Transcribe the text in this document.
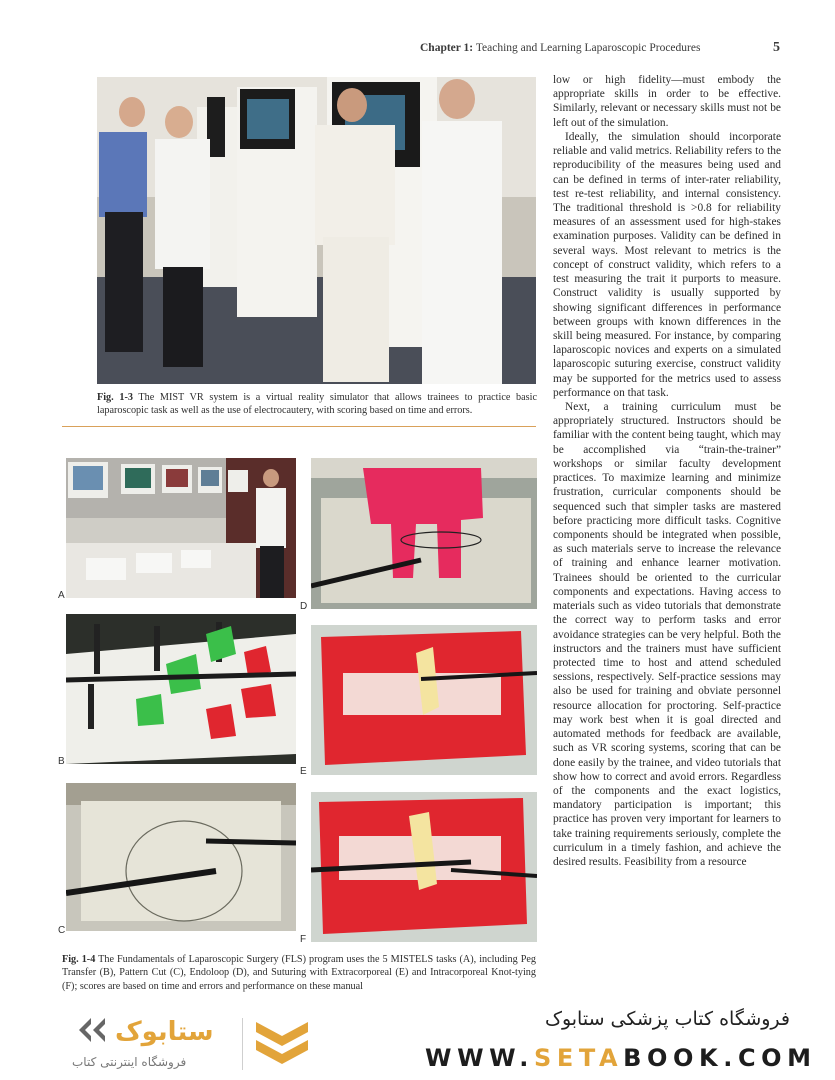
Chapter 1: Teaching and Learning Laparoscopic Procedures	5
Fig. 1-3 The MIST VR system is a virtual reality simulator that allows trainees to practice basic laparoscopic task as well as the use of electrocautery, with scoring based on time and errors.
A
B
C
D
E
F
Fig. 1-4 The Fundamentals of Laparoscopic Surgery (FLS) program uses the 5 MISTELS tasks (A), including Peg Transfer (B), Pattern Cut (C), Endoloop (D), and Suturing with Extracorporeal (E) and Intracorporeal Knot-tying (F); scores are based on time and errors and performance on these manual

low or high fidelity—must embody the appropriate skills in order to be effective. Similarly, relevant or necessary skills must not be left out of the simulation.

Ideally, the simulation should incorporate reliable and valid metrics. Reliability refers to the reproducibility of the measures being used and can be defined in terms of inter-rater reliability, test re-test reliability, and internal consistency. The traditional threshold is >0.8 for reliability measures of an assessment used for high-stakes examination purposes. Validity can be defined in several ways. Most relevant to metrics is the concept of construct validity, which refers to a test measuring the trait it purports to measure. Construct validity is usually supported by showing significant differences in performance between groups with known differences in the skill being measured. For instance, by comparing laparoscopic novices and experts on a simulated laparoscopic suturing exercise, construct validity may be supported for the metrics used to assess performance on that task.

Next, a training curriculum must be appropriately structured. Instructors should be familiar with the content being taught, which may be accomplished via “train-the-trainer” workshops or similar faculty development practices. To maximize learning and minimize frustration, curricular components should be sequenced such that simpler tasks are mastered before practicing more difficult tasks. Cognitive components should be integrated when possible, as such materials serve to increase the relevance of training and enhance learner motivation. Trainees should be oriented to the curricular components and expectations. Having access to materials such as video tutorials that demonstrate the correct way to perform tasks and error avoidance strategies can be very helpful. Both the instructors and the trainers must have sufficient protected time to host and attend scheduled sessions, respectively. Self-practice sessions may also be used for training and obviate personnel resource allocation for proctoring. Self-practice may work best when it is goal directed and automated methods for feedback are available, such as VR scoring systems, scoring that can be done easily by the trainee, and video tutorials that show how to correct and avoid errors. Regardless of the components and the exact logistics, mandatory participation is important; this practice has proven very important for learners to take training requirements seriously, complete the curriculum in a timely fashion, and achieve the desired results. Feasibility from a resource

ستابوک
فروشگاه اینترنتی کتاب
فروشگاه کتاب پزشکی ستابوک
WWW.SETABOOK.COM
